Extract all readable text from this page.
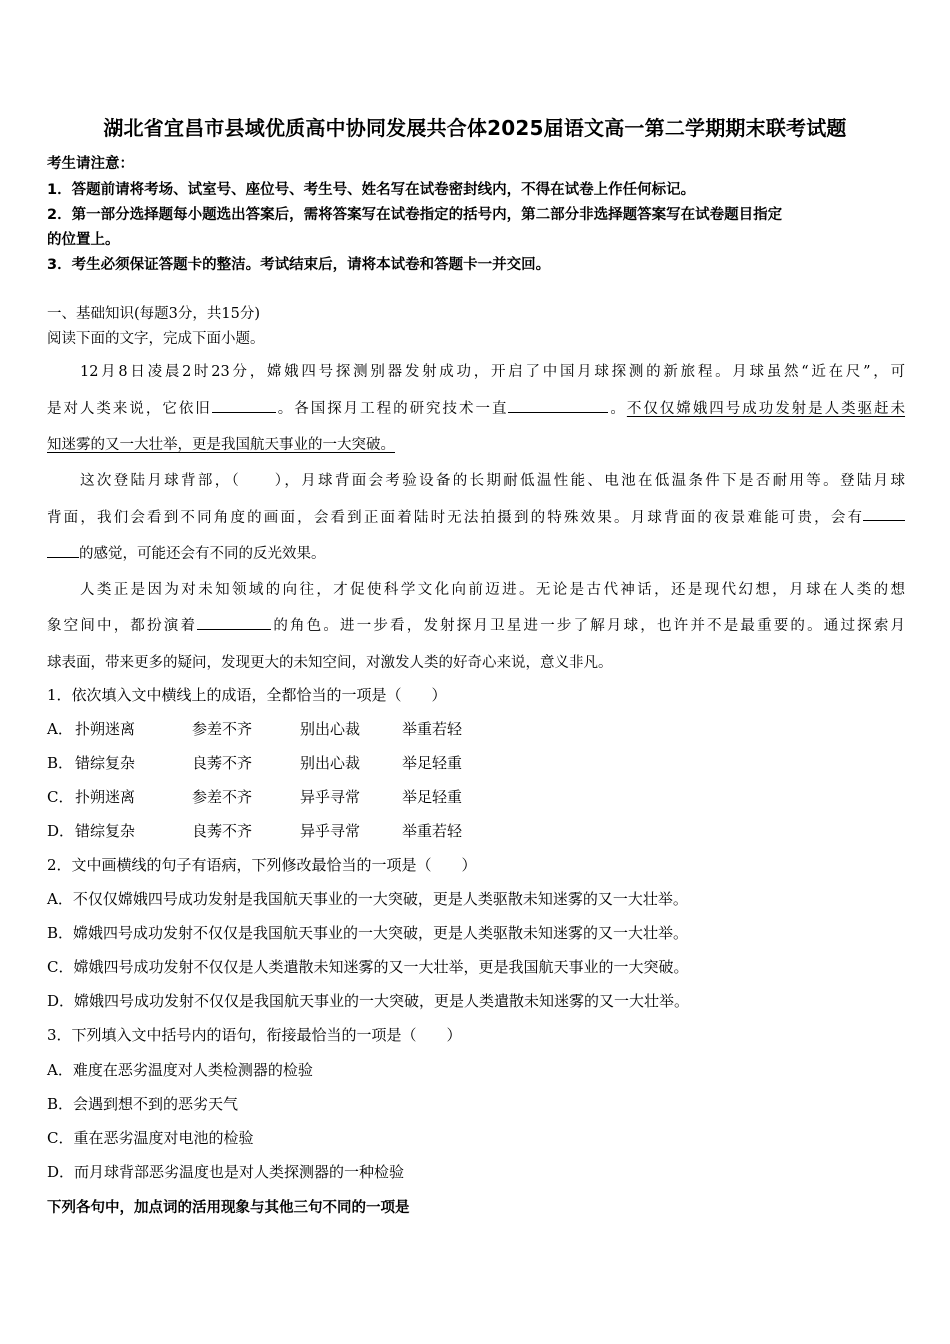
湖北省宜昌市县域优质高中协同发展共合体2025届语文高一第二学期期末联考试题
考生请注意：
1．答题前请将考场、试室号、座位号、考生号、姓名写在试卷密封线内，不得在试卷上作任何标记。
2．第一部分选择题每小题选出答案后，需将答案写在试卷指定的括号内，第二部分非选择题答案写在试卷题目指定
的位置上。
3．考生必须保证答题卡的整洁。考试结束后，请将本试卷和答题卡一并交回。
一、基础知识(每题3分，共15分)
阅读下面的文字，完成下面小题。
12月8日凌晨2时23分，嫦娥四号探测别器发射成功，开启了中国月球探测的新旅程。月球虽然“近在尺”，可
是对人类来说，它依旧	。各国探月工程的研究技术一直	。不仅仅嫦娥四号成功发射是人类驱赶未
知迷雾的又一大壮举，更是我国航天事业的一大突破。
这次登陆月球背部，（　　），月球背面会考验设备的长期耐低温性能、电池在低温条件下是否耐用等。登陆月球
背面，我们会看到不同角度的画面，会看到正面着陆时无法拍摄到的特殊效果。月球背面的夜景难能可贵，会有
的感觉，可能还会有不同的反光效果。
人类正是因为对未知领域的向往，才促使科学文化向前迈进。无论是古代神话，还是现代幻想，月球在人类的想
象空间中，都扮演着	的角色。进一步看，发射探月卫星进一步了解月球，也许并不是最重要的。通过探索月
球表面，带来更多的疑问，发现更大的未知空间，对激发人类的好奇心来说，意义非凡。
1．依次填入文中横线上的成语，全都恰当的一项是（　　）
A． 扑朔迷离	参差不齐	别出心裁	举重若轻
B． 错综复杂	良莠不齐	别出心裁	举足轻重
C． 扑朔迷离	参差不齐	异乎寻常	举足轻重
D． 错综复杂	良莠不齐	异乎寻常	举重若轻
2．文中画横线的句子有语病，下列修改最恰当的一项是（　　）
A．不仅仅嫦娥四号成功发射是我国航天事业的一大突破，更是人类驱散未知迷雾的又一大壮举。
B．嫦娥四号成功发射不仅仅是我国航天事业的一大突破，更是人类驱散未知迷雾的又一大壮举。
C．嫦娥四号成功发射不仅仅是人类遣散未知迷雾的又一大壮举，更是我国航天事业的一大突破。
D．嫦娥四号成功发射不仅仅是我国航天事业的一大突破，更是人类遣散未知迷雾的又一大壮举。
3．下列填入文中括号内的语句，衔接最恰当的一项是（　　）
A．难度在恶劣温度对人类检测器的检验
B．会遇到想不到的恶劣天气
C．重在恶劣温度对电池的检验
D．而月球背部恶劣温度也是对人类探测器的一种检验
下列各句中，加点词的活用现象与其他三句不同的一项是
